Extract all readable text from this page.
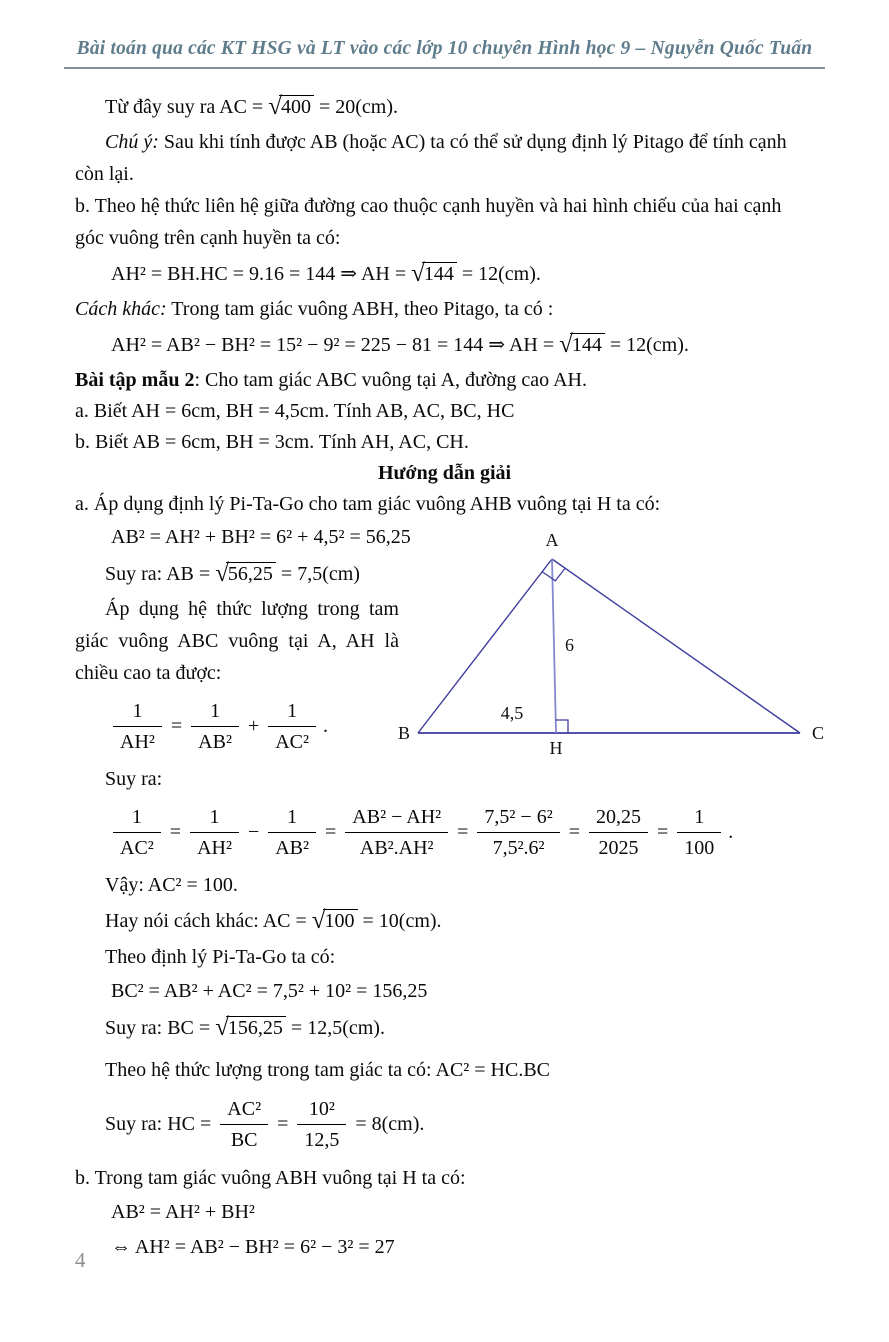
Bài toán qua các KT HSG và LT vào các lớp 10 chuyên Hình học 9 – Nguyễn Quốc Tuấn
Từ đây suy ra AC = √400 = 20(cm).
Chú ý: Sau khi tính được AB (hoặc AC) ta có thể sử dụng định lý Pitago để tính cạnh còn lại.
b. Theo hệ thức liên hệ giữa đường cao thuộc cạnh huyền và hai hình chiếu của hai cạnh góc vuông trên cạnh huyền ta có:
AH² = BH.HC = 9.16 = 144 ⇒ AH = √144 = 12(cm).
Cách khác: Trong tam giác vuông ABH, theo Pitago, ta có :
AH² = AB² − BH² = 15² − 9² = 225 − 81 = 144 ⇒ AH = √144 = 12(cm).
Bài tập mẫu 2: Cho tam giác ABC vuông tại A, đường cao AH.
a. Biết AH = 6cm, BH = 4,5cm. Tính AB, AC, BC, HC
b. Biết AB = 6cm, BH = 3cm. Tính AH, AC, CH.
Hướng dẫn giải
a. Áp dụng định lý Pi-Ta-Go cho tam giác vuông AHB vuông tại H ta có:
AB² = AH² + BH² = 6² + 4,5² = 56,25
Suy ra: AB = √56,25 = 7,5(cm)
Áp dụng hệ thức lượng trong tam giác vuông ABC vuông tại A, AH là chiều cao ta được:
$\frac{1}{\text{AH²}} = \frac{1}{\text{AB²}} + \frac{1}{\text{AC²}}$ .
Suy ra:
$\frac{1}{\text{AC²}} = \frac{1}{\text{AH²}} - \frac{1}{\text{AB²}} = \frac{\text{AB² − AH²}}{\text{AB².AH²}} = \frac{\text{7,5² − 6²}}{\text{7,5².6²}} = \frac{20,25}{2025} = \frac{1}{100}$ .
Vậy: AC² = 100.
Hay nói cách khác: AC = √100 = 10(cm).
Theo định lý Pi-Ta-Go ta có:
BC² = AB² + AC² = 7,5² + 10² = 156,25
Suy ra: BC = √156,25 = 12,5(cm).
Theo hệ thức lượng trong tam giác ta có: AC² = HC.BC
Suy ra: HC = $\frac{\text{AC²}}{BC} = \frac{\text{10²}}{12,5} = 8(cm)$.
b. Trong tam giác vuông ABH vuông tại H ta có:
AB² = AH² + BH²
⇔ AH² = AB² − BH² = 6² − 3² = 27
A
B	C
H
6
4,5
4
